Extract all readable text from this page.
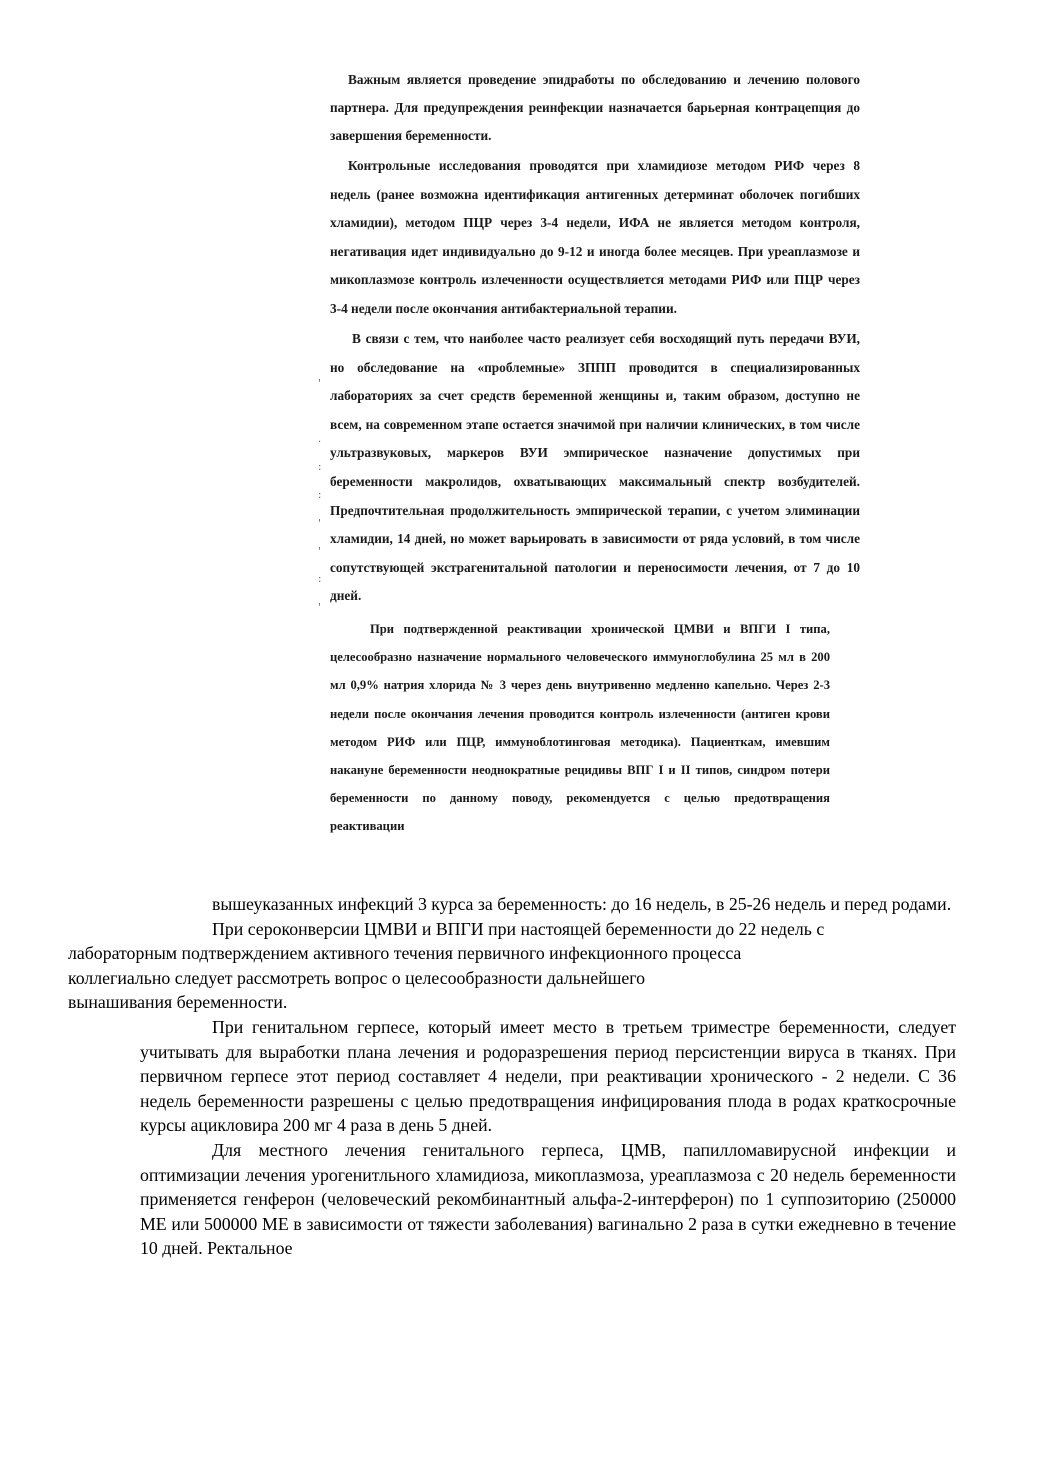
Важным является проведение эпидработы по обследованию и лечению полового партнера. Для предупреждения реинфекции назначается барьерная контрацепция до завершения беременности.

Контрольные исследования проводятся при хламидиозе методом РИФ через 8 недель (ранее возможна идентификация антигенных детерминат оболочек погибших хламидии), методом ПЦР через 3-4 недели, ИФА не является методом контроля, негативация идет индивидуально до 9-12 и иногда более месяцев. При уреаплазмозе и микоплазмозе контроль излеченности осуществляется методами РИФ или ПЦР через 3-4 недели после окончания антибактериальной терапии.

В связи с тем, что наиболее часто реализует себя восходящий путь передачи ВУИ, но обследование на «проблемные» ЗППП проводится в специализированных лабораториях за счет средств беременной женщины и, таким образом, доступно не всем, на современном этапе остается значимой при наличии клинических, в том числе ультразвуковых, маркеров ВУИ эмпирическое назначение допустимых при беременности макролидов, охватывающих максимальный спектр возбудителей. Предпочтительная продолжительность эмпирической терапии, с учетом элиминации хламидии, 14 дней, но может варьировать в зависимости от ряда условий, в том числе сопутствующей экстрагенитальной патологии и переносимости лечения, от 7 до 10 дней.

При подтвержденной реактивации хронической ЦМВИ и ВПГИ I типа, целесообразно назначение нормального человеческого иммуноглобулина 25 мл в 200 мл 0,9% натрия хлорида № 3 через день внутривенно медленно капельно. Через 2-3 недели после окончания лечения проводится контроль излеченности (антиген крови методом РИФ или ПЦР, иммуноблотинговая методика). Пациенткам, имевшим накануне беременности неоднократные рецидивы ВПГ I и II типов, синдром потери беременности по данному поводу, рекомендуется с целью предотвращения реактивации

'
.
:
:
'
'
:
'

вышеуказанных инфекций 3 курса за беременность: до 16 недель, в 25-26 недель и перед родами.

При сероконверсии ЦМВИ и ВПГИ при настоящей беременности до 22 недель с
лабораторным подтверждением активного течения первичного инфекционного процесса
коллегиально следует рассмотреть вопрос о целесообразности дальнейшего
вынашивания беременности.

При генитальном герпесе, который имеет место в третьем триместре беременности, следует учитывать для выработки плана лечения и родоразрешения период персистенции вируса в тканях. При первичном герпесе этот период составляет 4 недели, при реактивации хронического - 2 недели. С 36 недель беременности разрешены с целью предотвращения инфицирования плода в родах краткосрочные курсы ацикловира 200 мг 4 раза в день 5 дней.

Для местного лечения генитального герпеса, ЦМВ, папилломавирусной инфекции и оптимизации лечения урогенитльного хламидиоза, микоплазмоза, уреаплазмоза с 20 недель беременности применяется генферон (человеческий рекомбинантный альфа-2-интерферон) по 1 суппозиторию (250000 МЕ или 500000 МЕ в зависимости от тяжести заболевания) вагинально 2 раза в сутки ежедневно в течение 10 дней. Ректальное
